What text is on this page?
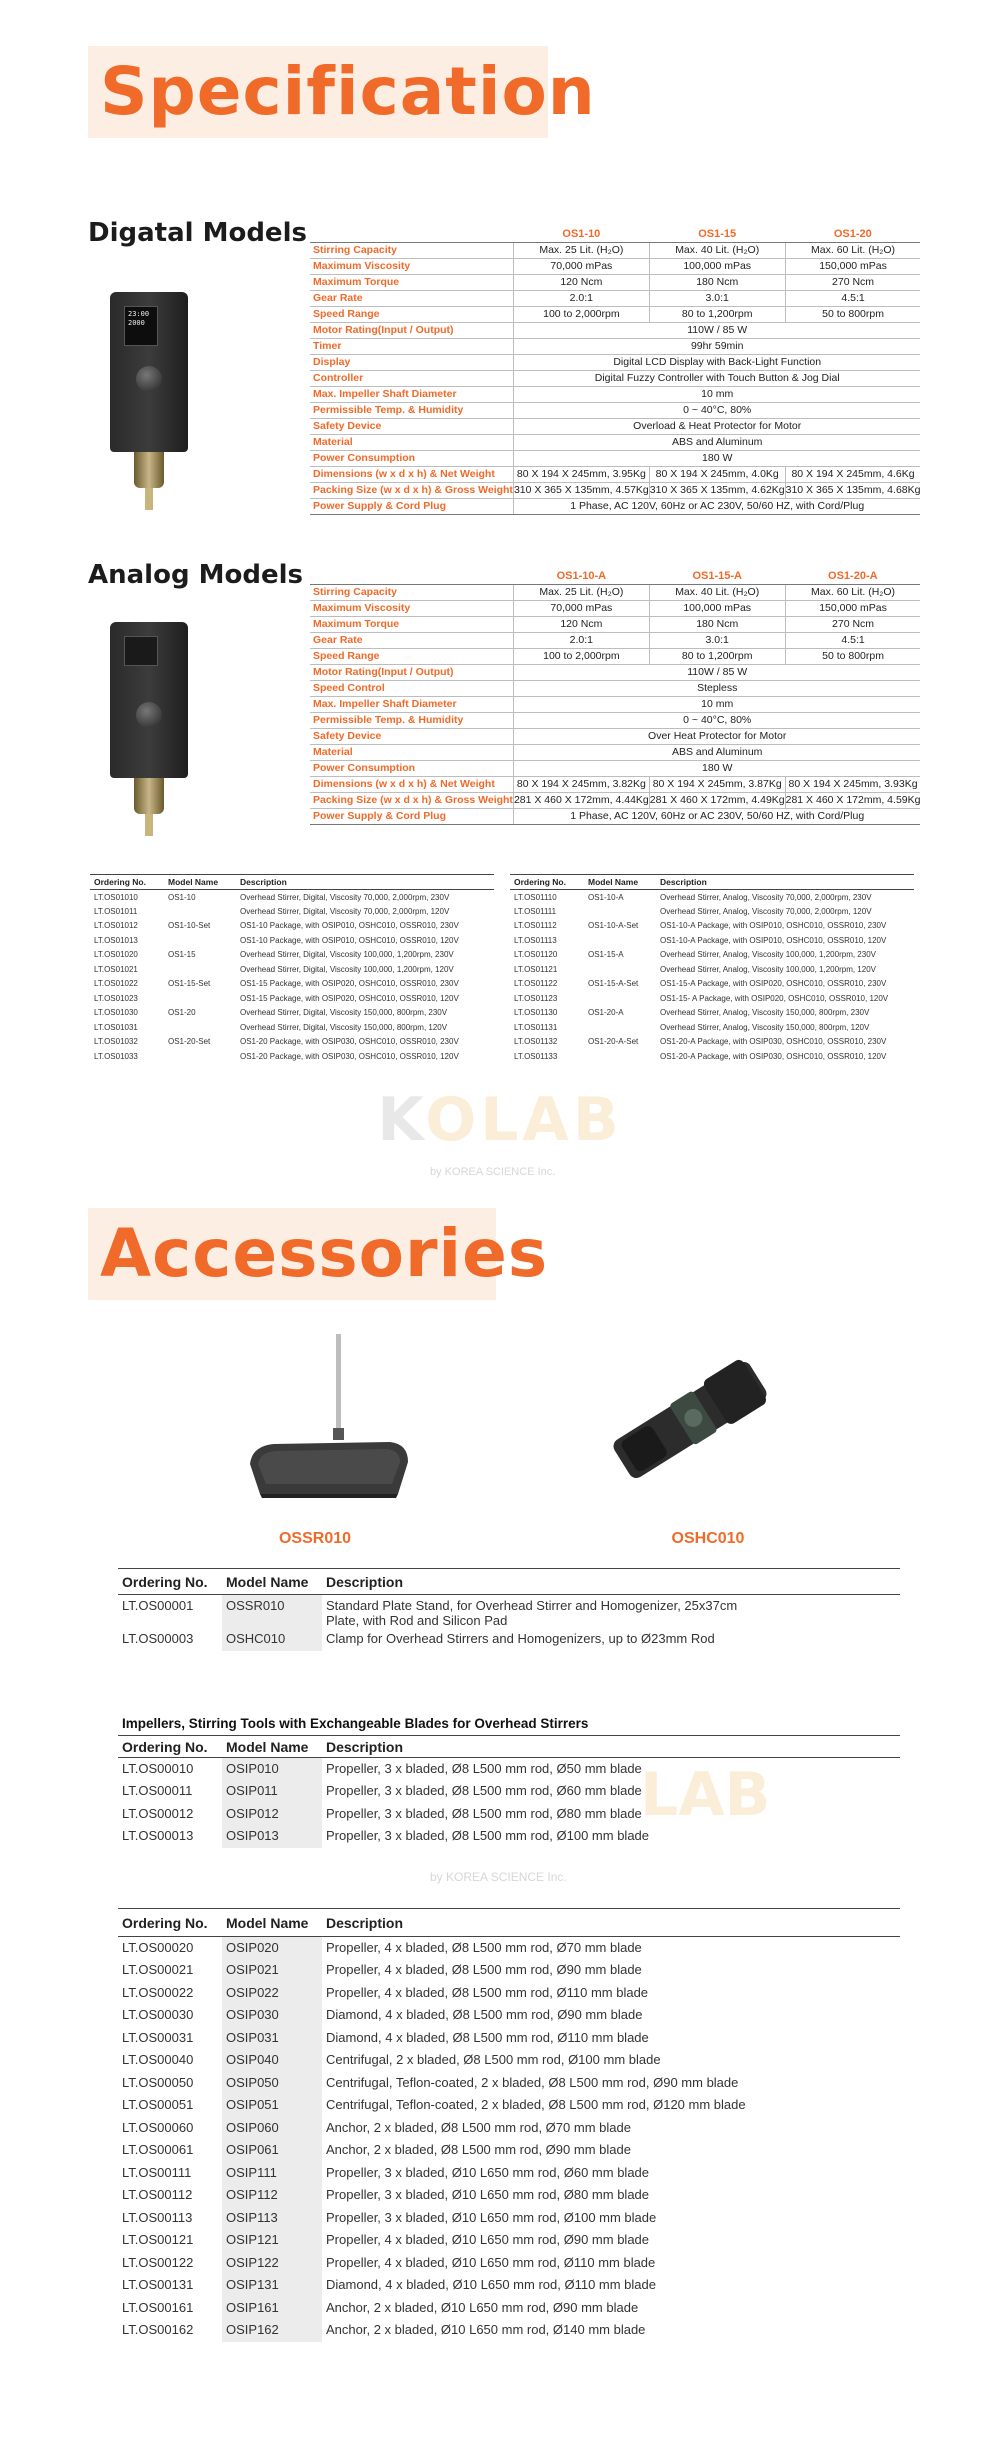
Specification
Digatal Models
23:00
2000
	OS1-10	OS1-15	OS1-20
Stirring Capacity	Max. 25 Lit. (H₂O)	Max. 40 Lit. (H₂O)	Max. 60 Lit. (H₂O)
Maximum Viscosity	70,000 mPas	100,000 mPas	150,000 mPas
Maximum Torque	120 Ncm	180 Ncm	270 Ncm
Gear Rate	2.0:1	3.0:1	4.5:1
Speed Range	100 to 2,000rpm	80 to 1,200rpm	50 to 800rpm
Motor Rating(Input / Output)	110W / 85 W		
Timer	99hr 59min		
Display	Digital LCD Display with Back-Light Function		
Controller	Digital Fuzzy Controller with Touch Button & Jog Dial		
Max. Impeller Shaft Diameter	10 mm		
Permissible Temp. & Humidity	0 ~ 40°C, 80%		
Safety Device	Overload & Heat Protector for Motor		
Material	ABS and Aluminum		
Power Consumption	180 W		
Dimensions (w x d x h) & Net Weight	80 X 194 X 245mm, 3.95Kg	80 X 194 X 245mm, 4.0Kg	80 X 194 X 245mm, 4.6Kg
Packing Size (w x d x h) & Gross Weight	310 X 365 X 135mm, 4.57Kg	310 X 365 X 135mm, 4.62Kg	310 X 365 X 135mm, 4.68Kg
Power Supply & Cord Plug	1 Phase, AC 120V, 60Hz or AC 230V, 50/60 HZ, with Cord/Plug		
Analog Models
		OS1-10-A	OS1-15-A	OS1-20-A
Stirring Capacity	Max. 25 Lit. (H₂O)	Max. 40 Lit. (H₂O)	Max. 60 Lit. (H₂O)
Maximum Viscosity	70,000 mPas	100,000 mPas	150,000 mPas
Maximum Torque	120 Ncm	180 Ncm	270 Ncm
Gear Rate	2.0:1	3.0:1	4.5:1
Speed Range	100 to 2,000rpm	80 to 1,200rpm	50 to 800rpm
Motor Rating(Input / Output)	110W / 85 W		
Speed Control	Stepless		
Max. Impeller Shaft Diameter	10 mm		
Permissible Temp. & Humidity	0 ~ 40°C, 80%		
Safety Device	Over Heat Protector for Motor		
Material	ABS and Aluminum		
Power Consumption	180 W		
Dimensions (w x d x h) & Net Weight	80 X 194 X 245mm, 3.82Kg	80 X 194 X 245mm, 3.87Kg	80 X 194 X 245mm, 3.93Kg
Packing Size (w x d x h) & Gross Weight	281 X 460 X 172mm, 4.44Kg	281 X 460 X 172mm, 4.49Kg	281 X 460 X 172mm, 4.59Kg
Power Supply & Cord Plug	1 Phase, AC 120V, 60Hz or AC 230V, 50/60 HZ, with Cord/Plug		
Ordering No.	Model Name	Description
LT.OS01010	OS1-10	Overhead Stirrer, Digital, Viscosity 70,000, 2,000rpm, 230V
LT.OS01011		Overhead Stirrer, Digital, Viscosity 70,000, 2,000rpm, 120V
LT.OS01012	OS1-10-Set	OS1-10 Package, with OSIP010, OSHC010, OSSR010, 230V
LT.OS01013		OS1-10 Package, with OSIP010, OSHC010, OSSR010, 120V
LT.OS01020	OS1-15	Overhead Stirrer, Digital, Viscosity 100,000, 1,200rpm, 230V
LT.OS01021		Overhead Stirrer, Digital, Viscosity 100,000, 1,200rpm, 120V
LT.OS01022	OS1-15-Set	OS1-15 Package, with OSIP020, OSHC010, OSSR010, 230V
LT.OS01023		OS1-15 Package, with OSIP020, OSHC010, OSSR010, 120V
LT.OS01030	OS1-20	Overhead Stirrer, Digital, Viscosity 150,000, 800rpm, 230V
LT.OS01031		Overhead Stirrer, Digital, Viscosity 150,000, 800rpm, 120V
LT.OS01032	OS1-20-Set	OS1-20 Package, with OSIP030, OSHC010, OSSR010, 230V
LT.OS01033		OS1-20 Package, with OSIP030, OSHC010, OSSR010, 120V
Ordering No.	Model Name	Description
LT.OS01110	OS1-10-A	Overhead Stirrer, Analog, Viscosity 70,000, 2,000rpm, 230V
LT.OS01111		Overhead Stirrer, Analog, Viscosity 70,000, 2,000rpm, 120V
LT.OS01112	OS1-10-A-Set	OS1-10-A Package, with OSIP010, OSHC010, OSSR010, 230V
LT.OS01113		OS1-10-A Package, with OSIP010, OSHC010, OSSR010, 120V
LT.OS01120	OS1-15-A	Overhead Stirrer, Analog, Viscosity 100,000, 1,200rpm, 230V
LT.OS01121		Overhead Stirrer, Analog, Viscosity 100,000, 1,200rpm, 120V
LT.OS01122	OS1-15-A-Set	OS1-15-A Package, with OSIP020, OSHC010, OSSR010, 230V
LT.OS01123		OS1-15- A Package, with OSIP020, OSHC010, OSSR010, 120V
LT.OS01130	OS1-20-A	Overhead Stirrer, Analog, Viscosity 150,000, 800rpm, 230V
LT.OS01131		Overhead Stirrer, Analog, Viscosity 150,000, 800rpm, 120V
LT.OS01132	OS1-20-A-Set	OS1-20-A Package, with OSIP030, OSHC010, OSSR010, 230V
LT.OS01133		OS1-20-A Package, with OSIP030, OSHC010, OSSR010, 120V
KOLAB
by KOREA SCIENCE Inc.
Accessories
OSSR010	OSHC010
Ordering No.	Model Name	Description
LT.OS00001	OSSR010	Standard Plate Stand, for Overhead Stirrer and Homogenizer, 25x37cm Plate, with Rod and Silicon Pad
LT.OS00003	OSHC010	Clamp for Overhead Stirrers and Homogenizers, up to Ø23mm Rod
Impellers, Stirring Tools with Exchangeable Blades for Overhead Stirrers
Ordering No.	Model Name	Description
LT.OS00010	OSIP010	Propeller, 3 x bladed, Ø8 L500 mm rod, Ø50 mm blade
LT.OS00011	OSIP011	Propeller, 3 x bladed, Ø8 L500 mm rod, Ø60 mm blade
LT.OS00012	OSIP012	Propeller, 3 x bladed, Ø8 L500 mm rod, Ø80 mm blade
LT.OS00013	OSIP013	Propeller, 3 x bladed, Ø8 L500 mm rod, Ø100 mm blade
LAB
by KOREA SCIENCE Inc.
Ordering No.	Model Name	Description
LT.OS00020	OSIP020	Propeller, 4 x bladed, Ø8 L500 mm rod, Ø70 mm blade
LT.OS00021	OSIP021	Propeller, 4 x bladed, Ø8 L500 mm rod, Ø90 mm blade
LT.OS00022	OSIP022	Propeller, 4 x bladed, Ø8 L500 mm rod, Ø110 mm blade
LT.OS00030	OSIP030	Diamond, 4 x bladed, Ø8 L500 mm rod, Ø90 mm blade
LT.OS00031	OSIP031	Diamond, 4 x bladed, Ø8 L500 mm rod, Ø110 mm blade
LT.OS00040	OSIP040	Centrifugal, 2 x bladed, Ø8 L500 mm rod, Ø100 mm blade
LT.OS00050	OSIP050	Centrifugal, Teflon-coated, 2 x bladed, Ø8 L500 mm rod, Ø90 mm blade
LT.OS00051	OSIP051	Centrifugal, Teflon-coated, 2 x bladed, Ø8 L500 mm rod, Ø120 mm blade
LT.OS00060	OSIP060	Anchor, 2 x bladed, Ø8 L500 mm rod, Ø70 mm blade
LT.OS00061	OSIP061	Anchor, 2 x bladed, Ø8 L500 mm rod, Ø90 mm blade
LT.OS00111	OSIP111	Propeller, 3 x bladed, Ø10 L650 mm rod, Ø60 mm blade
LT.OS00112	OSIP112	Propeller, 3 x bladed, Ø10 L650 mm rod, Ø80 mm blade
LT.OS00113	OSIP113	Propeller, 3 x bladed, Ø10 L650 mm rod, Ø100 mm blade
LT.OS00121	OSIP121	Propeller, 4 x bladed, Ø10 L650 mm rod, Ø90 mm blade
LT.OS00122	OSIP122	Propeller, 4 x bladed, Ø10 L650 mm rod, Ø110 mm blade
LT.OS00131	OSIP131	Diamond, 4 x bladed, Ø10 L650 mm rod, Ø110 mm blade
LT.OS00161	OSIP161	Anchor, 2 x bladed, Ø10 L650 mm rod, Ø90 mm blade
LT.OS00162	OSIP162	Anchor, 2 x bladed, Ø10 L650 mm rod, Ø140 mm blade
